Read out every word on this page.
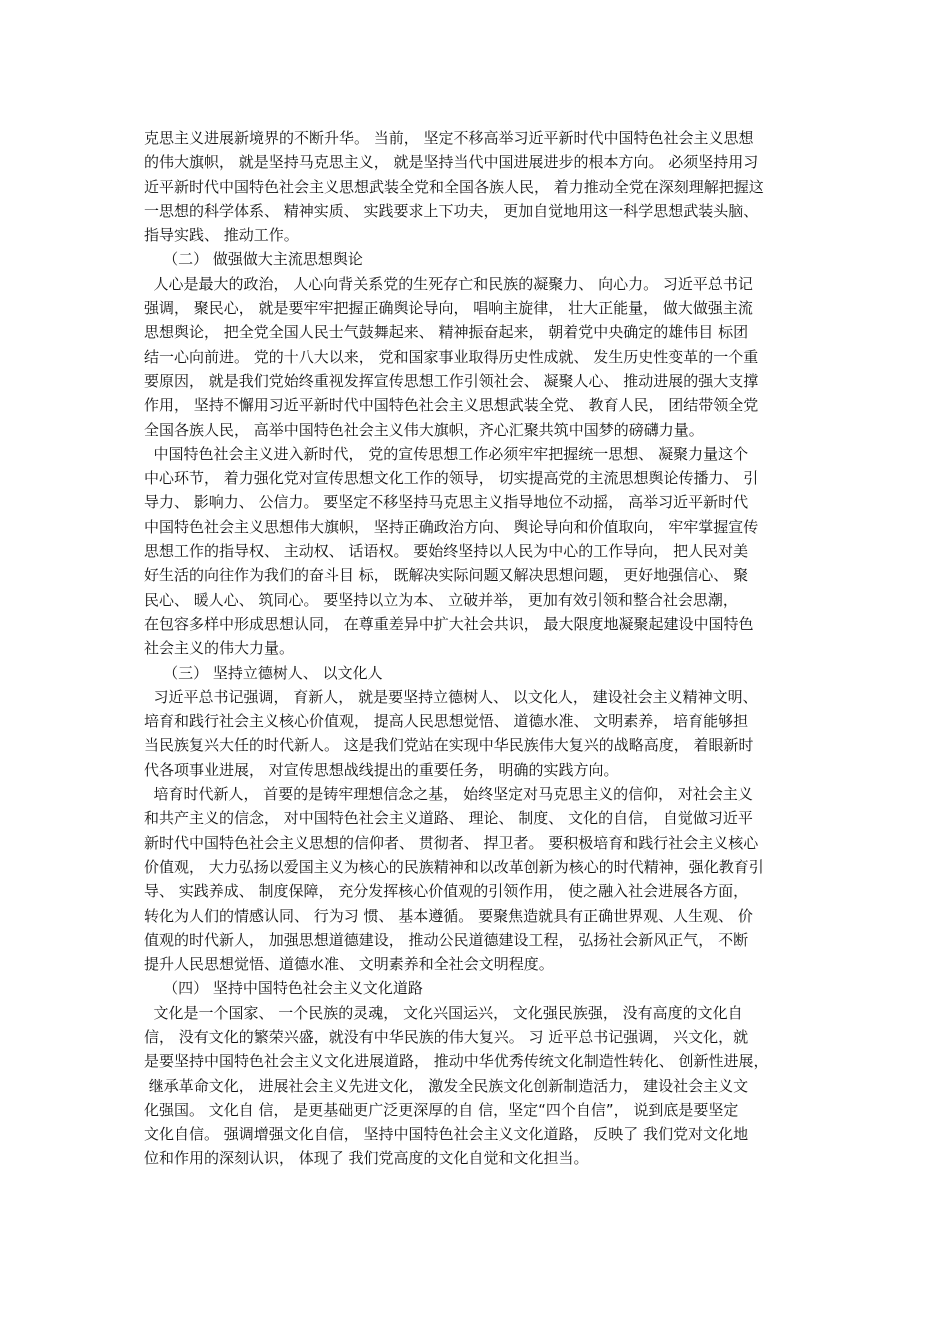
克思主义进展新境界的不断升华。 当前， 坚定不移高举习近平新时代中国特色社会主义思想
的伟大旗帜， 就是坚持马克思主义， 就是坚持当代中国进展进步的根本方向。 必须坚持用习
近平新时代中国特色社会主义思想武装全党和全国各族人民， 着力推动全党在深刻理解把握这
一思想的科学体系、 精神实质、 实践要求上下功夫， 更加自觉地用这一科学思想武装头脑、
指导实践、 推动工作。
（二） 做强做大主流思想舆论
人心是最大的政治， 人心向背关系党的生死存亡和民族的凝聚力、 向心力。 习近平总书记
强调， 聚民心， 就是要牢牢把握正确舆论导向， 唱响主旋律， 壮大正能量， 做大做强主流
思想舆论， 把全党全国人民士气鼓舞起来、 精神振奋起来， 朝着党中央确定的雄伟目 标团
结一心向前进。 党的十八大以来， 党和国家事业取得历史性成就、 发生历史性变革的一个重
要原因， 就是我们党始终重视发挥宣传思想工作引领社会、 凝聚人心、 推动进展的强大支撑
作用， 坚持不懈用习近平新时代中国特色社会主义思想武装全党、 教育人民， 团结带领全党
全国各族人民， 高举中国特色社会主义伟大旗帜，齐心汇聚共筑中国梦的磅礴力量。
中国特色社会主义进入新时代， 党的宣传思想工作必须牢牢把握统一思想、 凝聚力量这个
中心环节， 着力强化党对宣传思想文化工作的领导， 切实提高党的主流思想舆论传播力、 引
导力、 影响力、 公信力。 要坚定不移坚持马克思主义指导地位不动摇， 高举习近平新时代
中国特色社会主义思想伟大旗帜， 坚持正确政治方向、 舆论导向和价值取向， 牢牢掌握宣传
思想工作的指导权、 主动权、 话语权。 要始终坚持以人民为中心的工作导向， 把人民对美
好生活的向往作为我们的奋斗目 标， 既解决实际问题又解决思想问题， 更好地强信心、 聚
民心、 暖人心、 筑同心。 要坚持以立为本、 立破并举， 更加有效引领和整合社会思潮，
在包容多样中形成思想认同， 在尊重差异中扩大社会共识， 最大限度地凝聚起建设中国特色
社会主义的伟大力量。
（三） 坚持立德树人、 以文化人
习近平总书记强调， 育新人， 就是要坚持立德树人、 以文化人， 建设社会主义精神文明、
培育和践行社会主义核心价值观， 提高人民思想觉悟、 道德水准、 文明素养， 培育能够担
当民族复兴大任的时代新人。 这是我们党站在实现中华民族伟大复兴的战略高度， 着眼新时
代各项事业进展， 对宣传思想战线提出的重要任务， 明确的实践方向。
培育时代新人， 首要的是铸牢理想信念之基， 始终坚定对马克思主义的信仰， 对社会主义
和共产主义的信念， 对中国特色社会主义道路、 理论、 制度、 文化的自信， 自觉做习近平
新时代中国特色社会主义思想的信仰者、 贯彻者、 捍卫者。 要积极培育和践行社会主义核心
价值观， 大力弘扬以爱国主义为核心的民族精神和以改革创新为核心的时代精神，强化教育引
导、 实践养成、 制度保障， 充分发挥核心价值观的引领作用， 使之融入社会进展各方面，
转化为人们的情感认同、 行为习 惯、 基本遵循。 要聚焦造就具有正确世界观、人生观、 价
值观的时代新人， 加强思想道德建设， 推动公民道德建设工程， 弘扬社会新风正气， 不断
提升人民思想觉悟、道德水准、 文明素养和全社会文明程度。
（四） 坚持中国特色社会主义文化道路
文化是一个国家、 一个民族的灵魂， 文化兴国运兴， 文化强民族强， 没有高度的文化自
信， 没有文化的繁荣兴盛，就没有中华民族的伟大复兴。 习 近平总书记强调， 兴文化，就
是要坚持中国特色社会主义文化进展道路， 推动中华优秀传统文化制造性转化、 创新性进展，
继承革命文化， 进展社会主义先进文化， 激发全民族文化创新制造活力， 建设社会主义文
化强国。 文化自 信， 是更基础更广泛更深厚的自 信，坚定“四个自信”， 说到底是要坚定
文化自信。 强调增强文化自信， 坚持中国特色社会主义文化道路， 反映了 我们党对文化地
位和作用的深刻认识， 体现了 我们党高度的文化自觉和文化担当。
